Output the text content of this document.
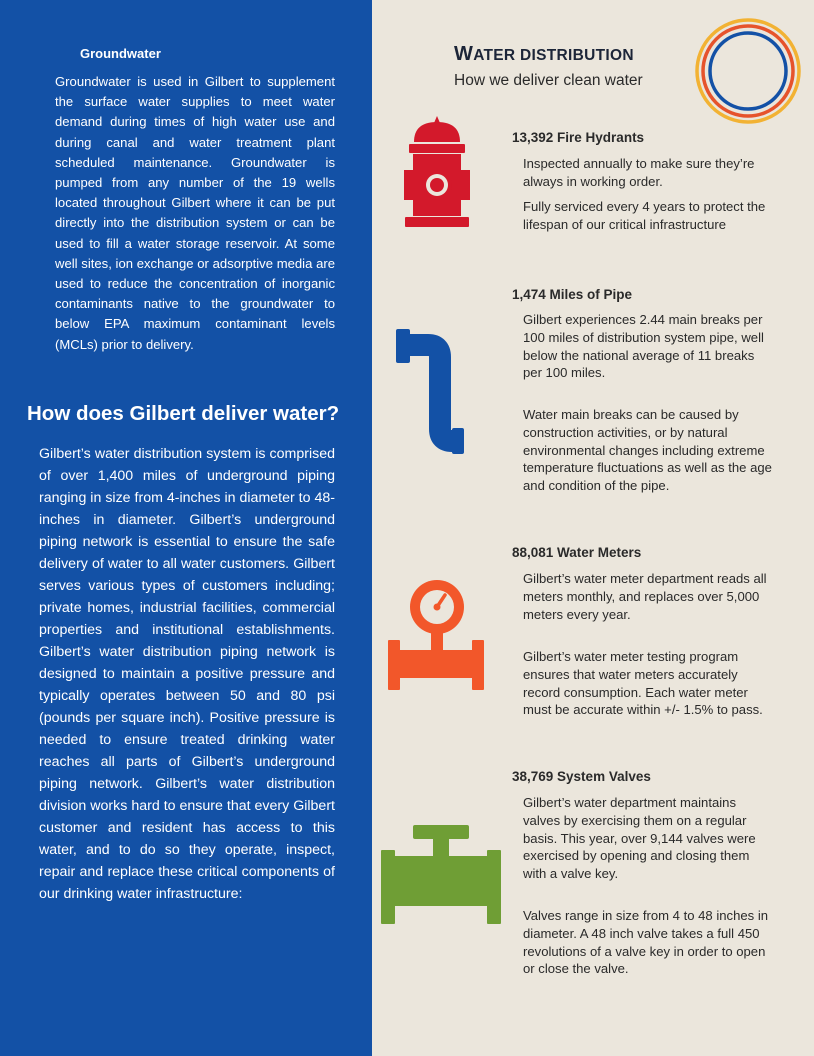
Groundwater

Groundwater is used in Gilbert to supplement the surface water supplies to meet water demand during times of high water use and during canal and water treatment plant scheduled maintenance. Groundwater is pumped from any number of the 19 wells located throughout Gilbert where it can be put directly into the distribution system or can be used to fill a water storage reservoir. At some well sites, ion exchange or adsorptive media are used to reduce the concentration of inorganic contaminants native to the groundwater to below EPA maximum contaminant levels (MCLs) prior to delivery.

How does Gilbert deliver water?

Gilbert’s water distribution system is comprised of over 1,400 miles of underground piping ranging in size from 4-inches in diameter to 48-inches in diameter. Gilbert’s underground piping network is essential to ensure the safe delivery of water to all water customers. Gilbert serves various types of customers including; private homes, industrial facilities, commercial properties and institutional establishments. Gilbert’s water distribution piping network is designed to maintain a positive pressure and typically operates between 50 and 80 psi (pounds per square inch). Positive pressure is needed to ensure treated drinking water reaches all parts of Gilbert’s underground piping network. Gilbert’s water distribution division works hard to ensure that every Gilbert customer and resident has access to this water, and to do so they operate, inspect, repair and replace these critical components of our drinking water infrastructure:

WATER DISTRIBUTION
How we deliver clean water
13,392 Fire Hydrants

Inspected annually to make sure they’re always in working order.

Fully serviced every 4 years to protect the lifespan of our critical infrastructure

1,474 Miles of Pipe

Gilbert experiences 2.44 main breaks per 100 miles of distribution system pipe, well below the national average of 11 breaks per 100 miles.

Water main breaks can be caused by construction activities, or by natural environmental changes including extreme temperature fluctuations as well as the age and condition of the pipe.

88,081 Water Meters

Gilbert’s water meter department reads all meters monthly, and replaces over 5,000 meters every year.

Gilbert’s water meter testing program ensures that water meters accurately record consumption. Each water meter must be accurate within +/- 1.5% to pass.

38,769 System Valves

Gilbert’s water department maintains valves by exercising them on a regular basis. This year, over 9,144 valves were exercised by opening and closing them with a valve key.

Valves range in size from 4 to 48 inches in diameter. A 48 inch valve takes a full 450 revolutions of a valve key in order to open or close the valve.
